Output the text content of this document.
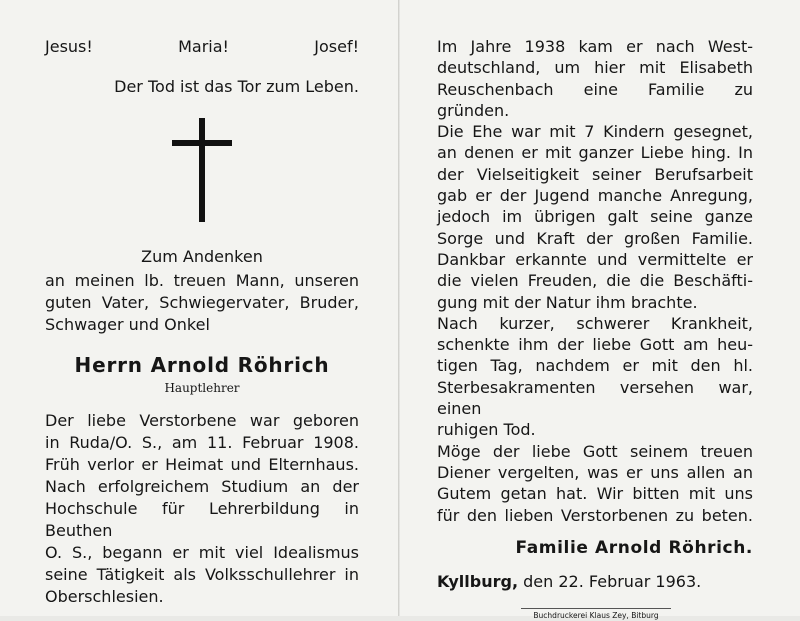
Jesus!	Maria!	Josef!
Der Tod ist das Tor zum Leben.
Zum Andenken
an meinen lb. treuen Mann, unseren
guten Vater, Schwiegervater, Bruder,
Schwager und Onkel
Herrn Arnold Röhrich
Hauptlehrer
Der liebe Verstorbene war geboren
in Ruda/O. S., am 11. Februar 1908.
Früh verlor er Heimat und Elternhaus.
Nach erfolgreichem Studium an der
Hochschule für Lehrerbildung in Beuthen
O. S., begann er mit viel Idealismus
seine Tätigkeit als Volksschullehrer in
Oberschlesien.
Im Jahre 1938 kam er nach West-
deutschland, um hier mit Elisabeth
Reuschenbach eine Familie zu gründen.
Die Ehe war mit 7 Kindern gesegnet,
an denen er mit ganzer Liebe hing. In
der Vielseitigkeit seiner Berufsarbeit
gab er der Jugend manche Anregung,
jedoch im übrigen galt seine ganze
Sorge und Kraft der großen Familie.
Dankbar erkannte und vermittelte er
die vielen Freuden, die die Beschäfti-
gung mit der Natur ihm brachte.
Nach kurzer, schwerer Krankheit,
schenkte ihm der liebe Gott am heu-
tigen Tag, nachdem er mit den hl.
Sterbesakramenten versehen war, einen
ruhigen Tod.
Möge der liebe Gott seinem treuen
Diener vergelten, was er uns allen an
Gutem getan hat. Wir bitten mit uns
für den lieben Verstorbenen zu beten.
Familie Arnold Röhrich.
Kyllburg, den 22. Februar 1963.
Buchdruckerei Klaus Zey, Bitburg
